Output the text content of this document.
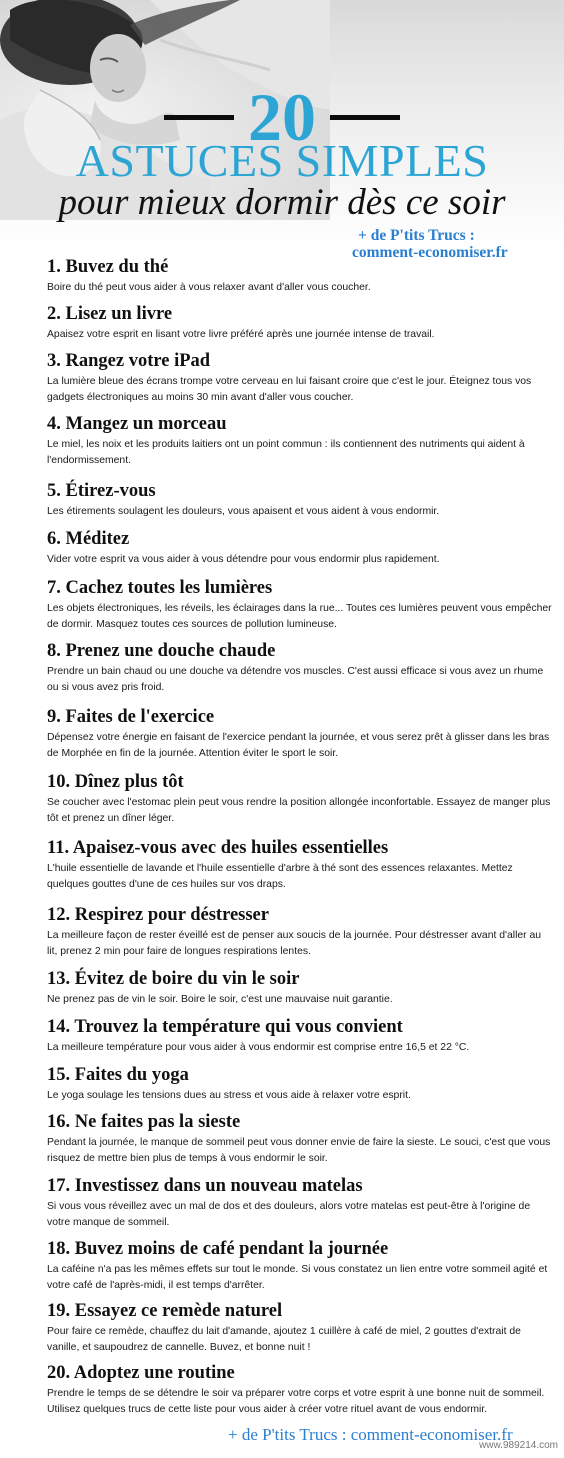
20
ASTUCES SIMPLES
pour mieux dormir dès ce soir
+ de P'tits Trucs :
comment-economiser.fr
1. Buvez du thé
Boire du thé peut vous aider à vous relaxer avant d'aller vous coucher.
2. Lisez un livre
Apaisez votre esprit en lisant votre livre préféré après une journée intense de travail.
3. Rangez votre iPad
La lumière bleue des écrans trompe votre cerveau en lui faisant croire que c'est le jour. Éteignez tous vos gadgets électroniques au moins 30 min avant d'aller vous coucher.
4. Mangez un morceau
Le miel, les noix et les produits laitiers ont un point commun : ils contiennent des nutriments qui aident à l'endormissement.
5. Étirez-vous
Les étirements soulagent les douleurs, vous apaisent et vous aident à vous endormir.
6. Méditez
Vider votre esprit va vous aider à vous détendre pour vous endormir plus rapidement.
7. Cachez toutes les lumières
Les objets électroniques, les réveils, les éclairages dans la rue... Toutes ces lumières peuvent vous empêcher de dormir. Masquez toutes ces sources de pollution lumineuse.
8. Prenez une douche chaude
Prendre un bain chaud ou une douche va détendre vos muscles. C'est aussi efficace si vous avez un rhume ou si vous avez pris froid.
9. Faites de l'exercice
Dépensez votre énergie en faisant de l'exercice pendant la journée, et vous serez prêt à glisser dans les bras de Morphée en fin de la journée. Attention éviter le sport le soir.
10. Dînez plus tôt
Se coucher avec l'estomac plein peut vous rendre la position allongée inconfortable. Essayez de manger plus tôt et prenez un dîner léger.
11. Apaisez-vous avec des huiles essentielles
L'huile essentielle de lavande et l'huile essentielle d'arbre à thé sont des essences relaxantes. Mettez quelques gouttes d'une de ces huiles sur vos draps.
12. Respirez pour déstresser
La meilleure façon de rester éveillé est de penser aux soucis de la journée. Pour déstresser avant d'aller au lit, prenez 2 min pour faire de longues respirations lentes.
13. Évitez de boire du vin le soir
Ne prenez pas de vin le soir. Boire le soir, c'est une mauvaise nuit garantie.
14. Trouvez la température qui vous convient
La meilleure température pour vous aider à vous endormir est comprise entre 16,5 et 22 °C.
15. Faites du yoga
Le yoga soulage les tensions dues au stress et vous aide à relaxer votre esprit.
16. Ne faites pas la sieste
Pendant la journée, le manque de sommeil peut vous donner envie de faire la sieste. Le souci, c'est que vous risquez de mettre bien plus de temps à vous endormir le soir.
17. Investissez dans un nouveau matelas
Si vous vous réveillez avec un mal de dos et des douleurs, alors votre matelas est peut-être à l'origine de votre manque de sommeil.
18. Buvez moins de café pendant la journée
La caféine n'a pas les mêmes effets sur tout le monde. Si vous constatez un lien entre votre sommeil agité et votre café de l'après-midi, il est temps d'arrêter.
19. Essayez ce remède naturel
Pour faire ce remède, chauffez du lait d'amande, ajoutez 1 cuillère à café de miel, 2 gouttes d'extrait de vanille, et saupoudrez de cannelle. Buvez, et bonne nuit !
20. Adoptez une routine
Prendre le temps de se détendre le soir va préparer votre corps et votre esprit à une bonne nuit de sommeil. Utilisez quelques trucs de cette liste pour vous aider à créer votre rituel avant de vous endormir.
+ de P'tits Trucs : comment-economiser.fr
www.989214.com
